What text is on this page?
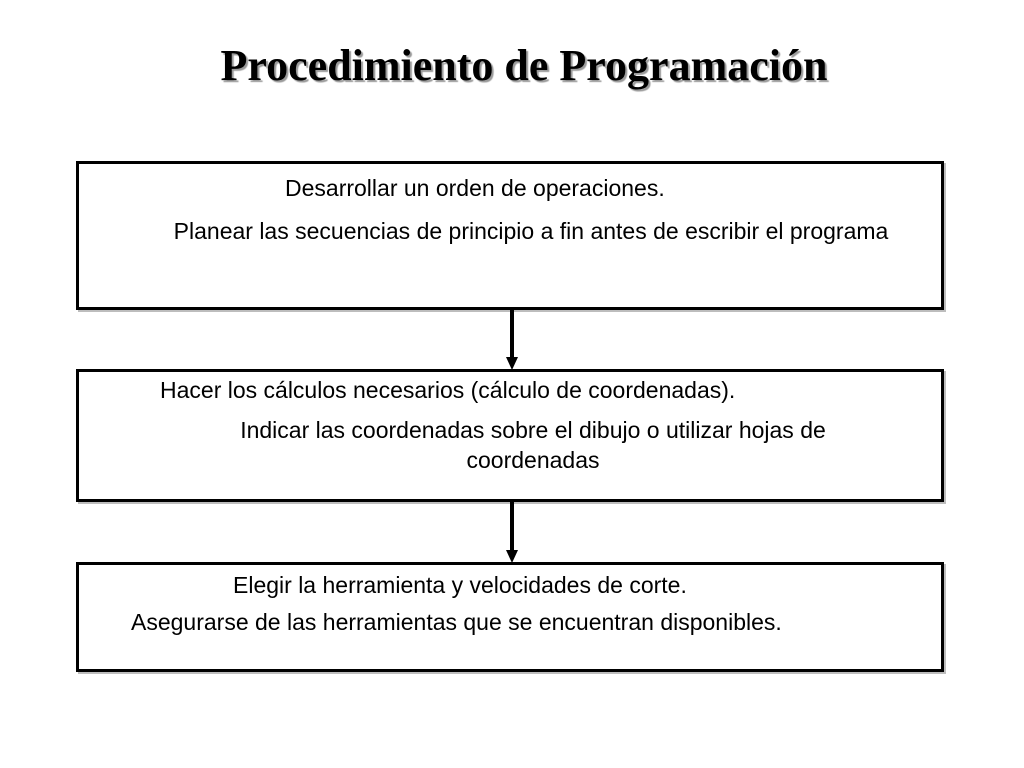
Procedimiento de Programación
Desarrollar un orden de operaciones.
Planear las secuencias de principio a fin antes de escribir el programa
Hacer los cálculos necesarios (cálculo de coordenadas).
Indicar las coordenadas sobre el dibujo o utilizar hojas de coordenadas
Elegir la herramienta y velocidades de corte.
Asegurarse de las herramientas que se encuentran disponibles.
